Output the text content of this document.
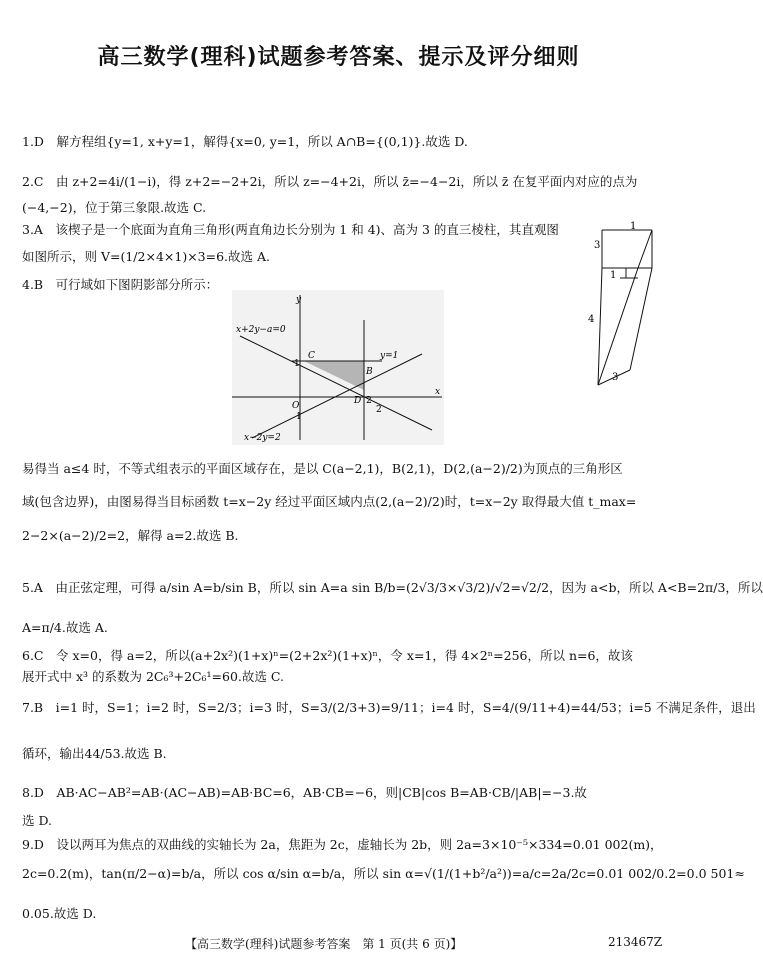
高三数学(理科)试题参考答案、提示及评分细则
1.D　解方程组{y=1, x+y=1，解得{x=0, y=1，所以 A∩B={(0,1)}.故选 D.
2.C　由 z+2=4i/(1−i)，得 z+2=−2+2i，所以 z=−4+2i，所以 z̄=−4−2i，所以 z̄ 在复平面内对应的点为
(−4,−2)，位于第三象限.故选 C.
3.A　该楔子是一个底面为直角三角形(两直角边长分别为 1 和 4)、高为 3 的直三棱柱，其直观图
如图所示，则 V=(1/2×4×1)×3=6.故选 A.
4.B　可行域如下图阴影部分所示：
易得当 a≤4 时，不等式组表示的平面区域存在，是以 C(a−2,1)，B(2,1)，D(2,(a−2)/2)为顶点的三角形区
域(包含边界)，由图易得当目标函数 t=x−2y 经过平面区域内点(2,(a−2)/2)时，t=x−2y 取得最大值 t_max=
2−2×(a−2)/2=2，解得 a=2.故选 B.
5.A　由正弦定理，可得 a/sin A=b/sin B，所以 sin A=a sin B/b=(2√3/3×√3/2)/√2=√2/2，因为 a<b，所以 A<B=2π/3，所以
A=π/4.故选 A.
6.C　令 x=0，得 a=2，所以(a+2x²)(1+x)ⁿ=(2+2x²)(1+x)ⁿ，令 x=1，得 4×2ⁿ=256，所以 n=6，故该
展开式中 x³ 的系数为 2C₆³+2C₆¹=60.故选 C.
7.B　i=1 时，S=1；i=2 时，S=2/3；i=3 时，S=3/(2/3+3)=9/11；i=4 时，S=4/(9/11+4)=44/53；i=5 不满足条件，退出
循环，输出44/53.故选 B.
8.D　AB·AC−AB²=AB·(AC−AB)=AB·BC=6，AB·CB=−6，则|CB|cos B=AB·CB/|AB|=−3.故
选 D.
9.D　设以两耳为焦点的双曲线的实轴长为 2a，焦距为 2c，虚轴长为 2b，则 2a=3×10⁻⁵×334=0.01 002(m)，
2c=0.2(m)，tan(π/2−α)=b/a，所以 cos α/sin α=b/a，所以 sin α=√(1/(1+b²/a²))=a/c=2a/2c=0.01 002/0.2=0.0 501≈
0.05.故选 D.
1
3
1
4
3
y
x
x+2y−a=0
x−2y=2
y=1
C
B
O	D 2
2
1
1
【高三数学(理科)试题参考答案　第 1 页(共 6 页)】	213467Z
